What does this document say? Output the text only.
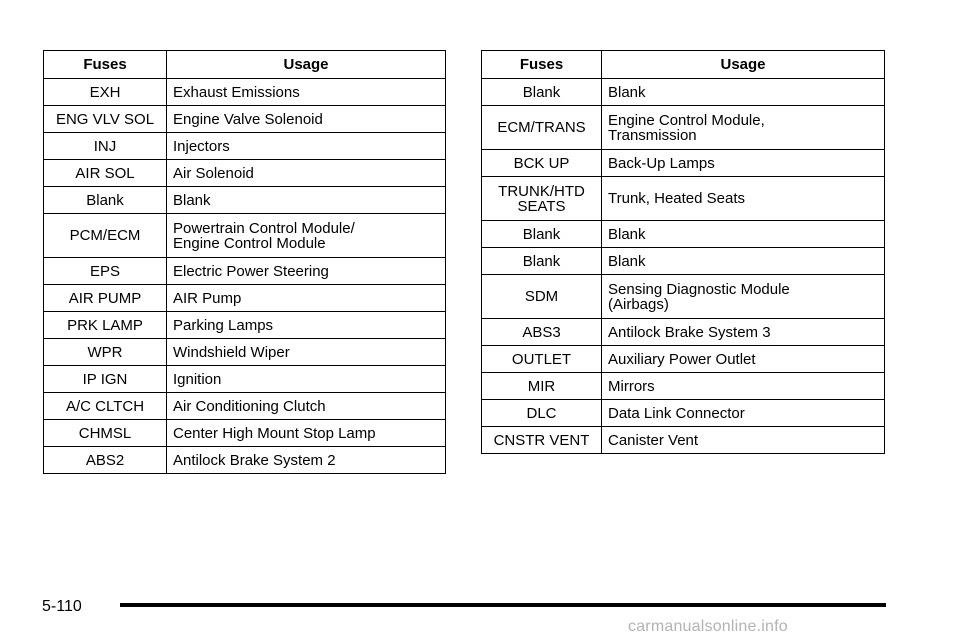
Fuses	Usage
EXH	Exhaust Emissions
ENG VLV SOL	Engine Valve Solenoid
INJ	Injectors
AIR SOL	Air Solenoid
Blank	Blank
PCM/ECM	Powertrain Control Module/
Engine Control Module
EPS	Electric Power Steering
AIR PUMP	AIR Pump
PRK LAMP	Parking Lamps
WPR	Windshield Wiper
IP IGN	Ignition
A/C CLTCH	Air Conditioning Clutch
CHMSL	Center High Mount Stop Lamp
ABS2	Antilock Brake System 2
Fuses	Usage
Blank	Blank
ECM/TRANS	Engine Control Module,
Transmission
BCK UP	Back-Up Lamps
TRUNK/HTD
SEATS	Trunk, Heated Seats
Blank	Blank
Blank	Blank
SDM	Sensing Diagnostic Module
(Airbags)
ABS3	Antilock Brake System 3
OUTLET	Auxiliary Power Outlet
MIR	Mirrors
DLC	Data Link Connector
CNSTR VENT	Canister Vent
5-110
carmanualsonline.info
